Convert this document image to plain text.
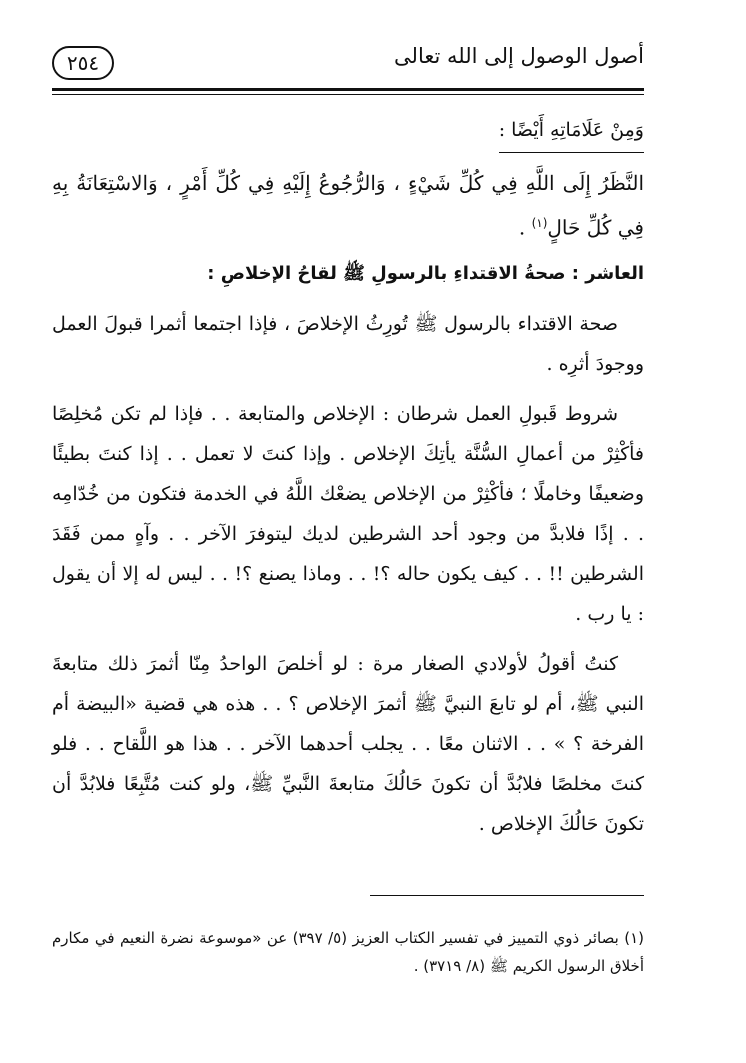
أصول الوصول إلى الله تعالى
٢٥٤
وَمِنْ عَلَامَاتِهِ أَيْضًا :

النَّظَرُ إِلَى اللَّهِ فِي كُلِّ شَيْءٍ ، وَالرُّجُوعُ إِلَيْهِ فِي كُلِّ أَمْرٍ ، وَالاسْتِعَانَةُ بِهِ فِي كُلِّ حَالٍ$^{(١)}$ .

العاشر : صحةُ الاقتداءِ بالرسولِ ﷺ لقاحُ الإخلاصِ :

صحة الاقتداء بالرسول ﷺ تُورِثُ الإخلاصَ ، فإذا اجتمعا أثمرا قبولَ العمل ووجودَ أثرِه .

شروط قَبولِ العمل شرطان : الإخلاص والمتابعة . . فإذا لم تكن مُخلِصًا فأكْثِرْ من أعمالِ السُّنَّة يأتِكَ الإخلاص . وإذا كنتَ لا تعمل . . إذا كنتَ بطيئًا وضعيفًا وخاملًا ؛ فأكْثِرْ من الإخلاص يضعْك اللَّهُ في الخدمة فتكون من خُدّامِه . . إذًا فلابدَّ من وجود أحد الشرطين لديك ليتوفرَ الآخر . . وآهٍ ممن فَقَدَ الشرطين !! . . كيف يكون حاله ؟! . . وماذا يصنع ؟! . . ليس له إلا أن يقول : يا رب .

كنتُ أقولُ لأولادي الصغار مرة : لو أخلصَ الواحدُ مِنّا أثمرَ ذلك متابعةَ النبي ﷺ، أم لو تابعَ النبيَّ ﷺ أثمرَ الإخلاص ؟ . . هذه هي قضية «البيضة أم الفرخة ؟ » . . الاثنان معًا . . يجلب أحدهما الآخر . . هذا هو اللَّقاح . . فلو كنتَ مخلصًا فلابُدَّ أن تكونَ حَالُكَ متابعةَ النَّبيِّ ﷺ، ولو كنت مُتَّبِعًا فلابُدَّ أن تكونَ حَالُكَ الإخلاص .

(١) بصائر ذوي التمييز في تفسير الكتاب العزيز (٥/ ٣٩٧) عن «موسوعة نضرة النعيم في مكارم أخلاق الرسول الكريم ﷺ (٨/ ٣٧١٩) .
